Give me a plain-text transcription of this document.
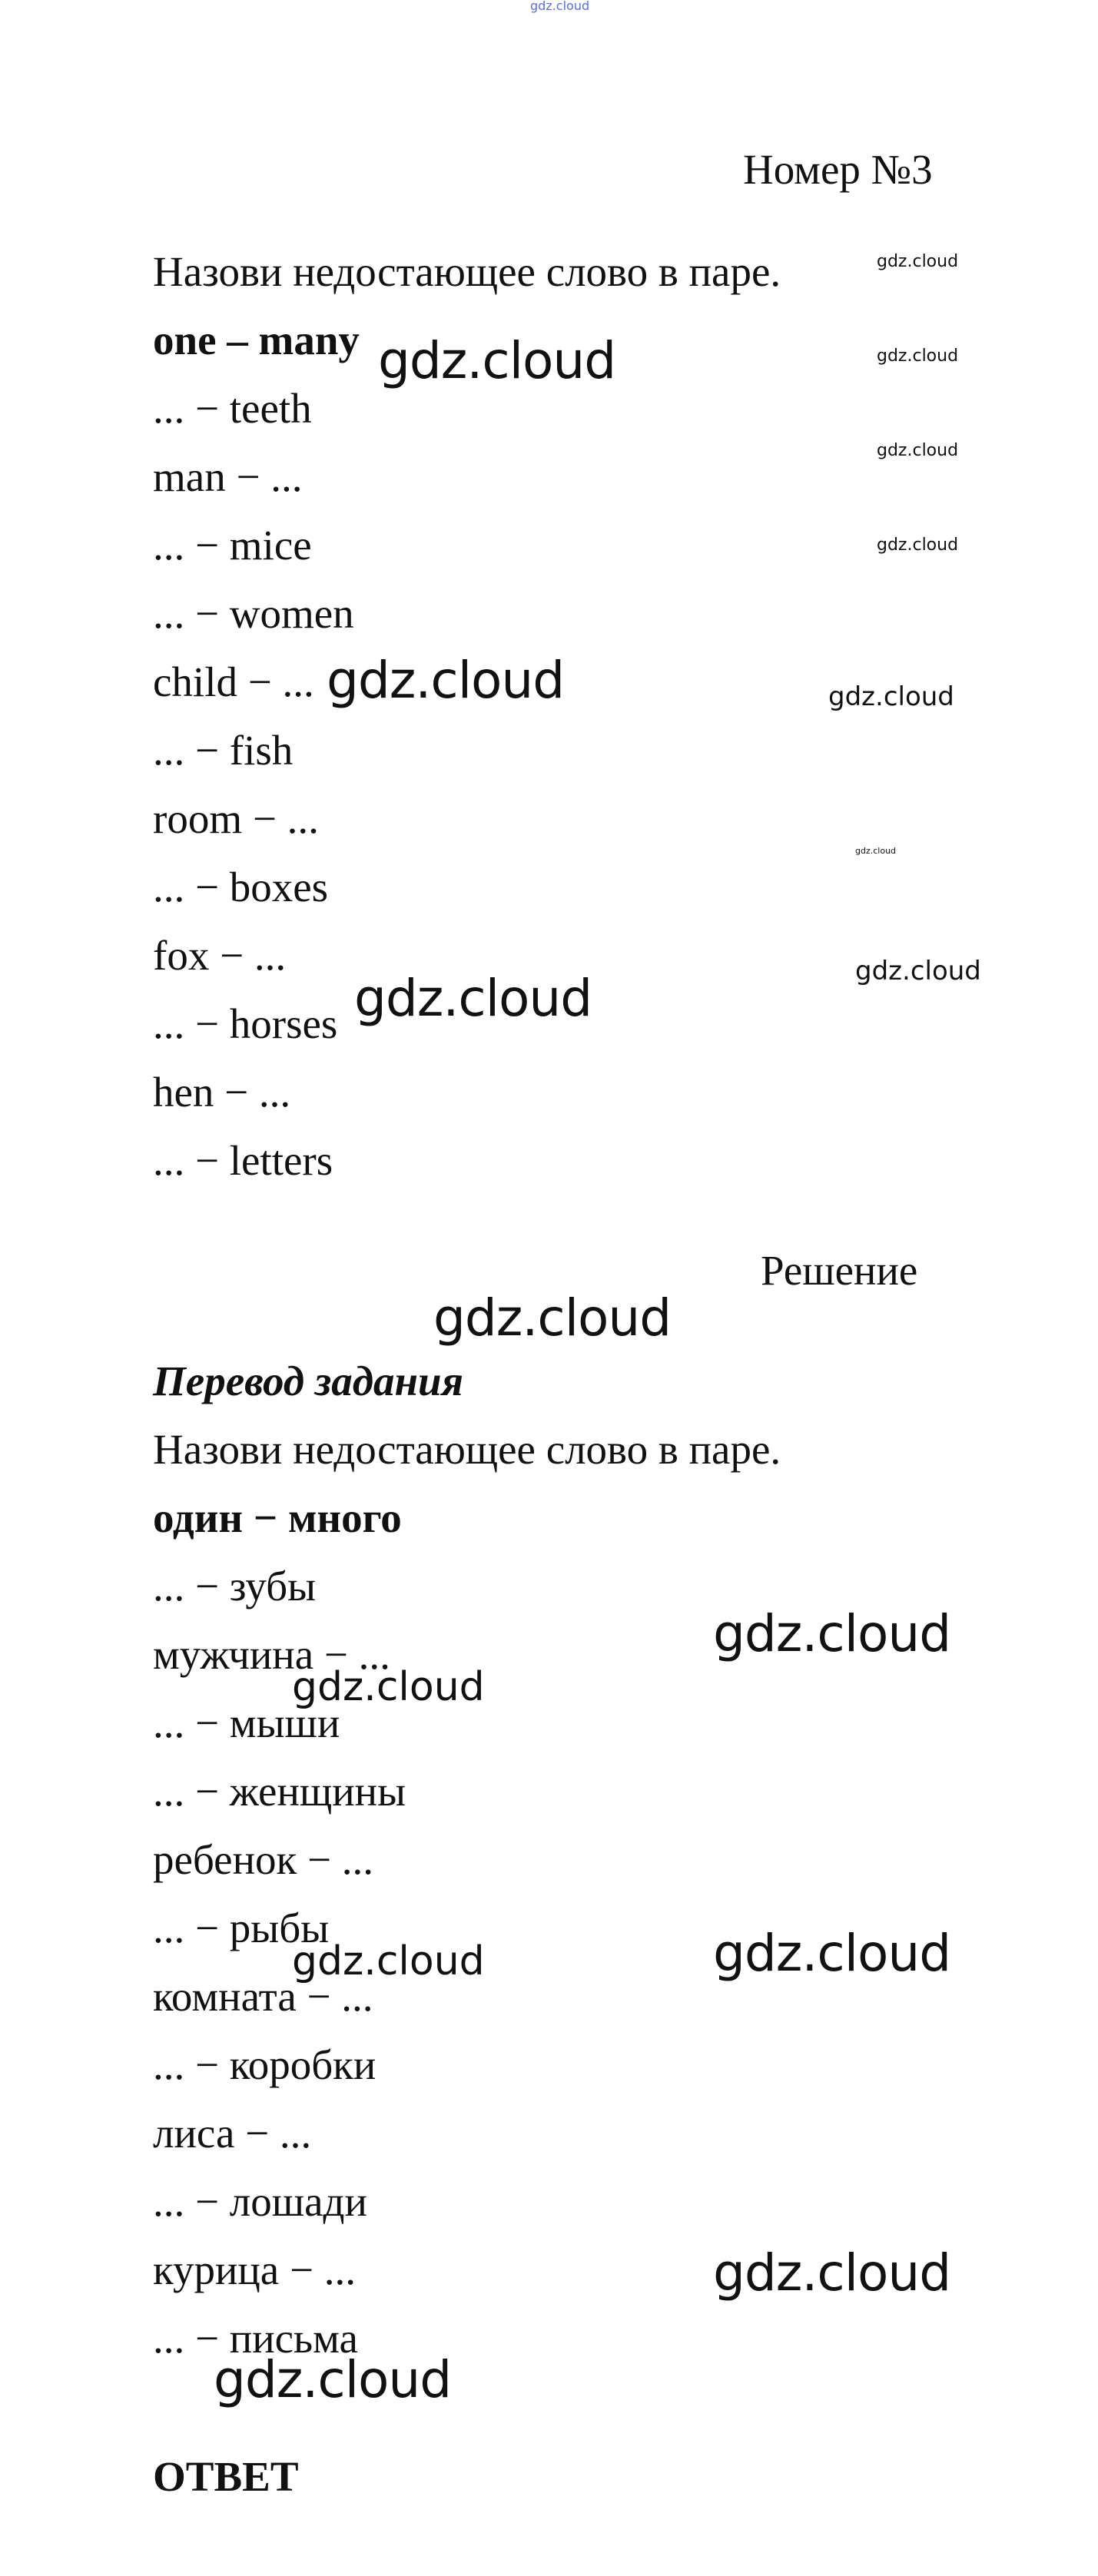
gdz.cloud
Номер №3
Назови недостающее слово в паре.
one – many
... − teeth
man − ...
... − mice
... − women
child − ...
... − fish
room − ...
... − boxes
fox − ...
... − horses
hen − ...
... − letters
Решение
Перевод задания
Назови недостающее слово в паре.
один − много
... − зубы
мужчина − ...
... − мыши
... − женщины
ребенок − ...
... − рыбы
комната − ...
... − коробки
лиса − ...
... − лошади
курица − ...
... − письма
ОТВЕТ
gdz.cloud
gdz.cloud	gdz.cloud
gdz.cloud
gdz.cloud
gdz.cloud	gdz.cloud
gdz.cloud
gdz.cloud
gdz.cloud
gdz.cloud
gdz.cloud
gdz.cloud
gdz.cloud
gdz.cloud
gdz.cloud
gdz.cloud
